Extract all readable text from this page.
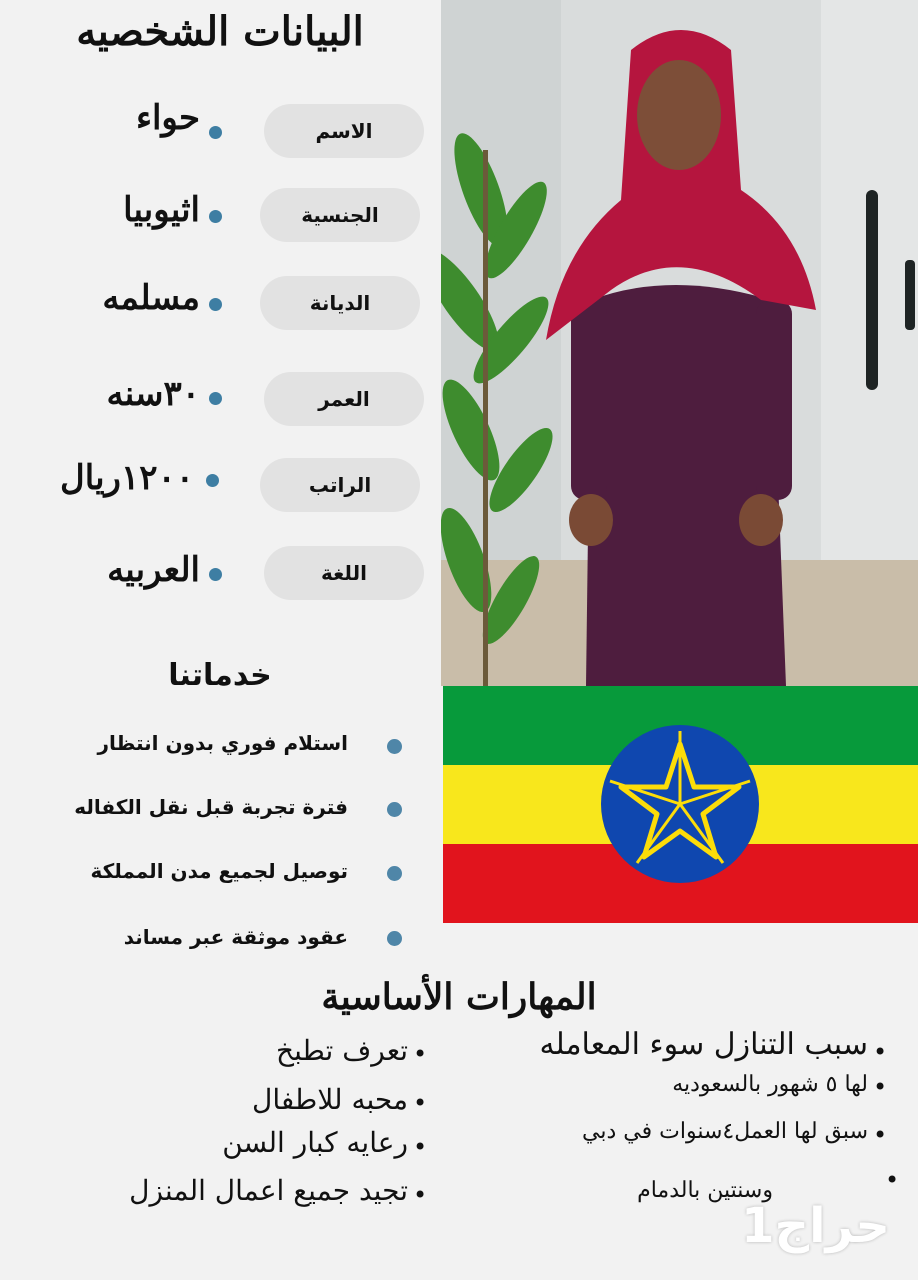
البيانات الشخصيه
الاسم
حواء
الجنسية
اثيوبيا
الديانة
مسلمه
العمر
٣٠سنه
الراتب
١٢٠٠ريال
اللغة
العربيه
خدماتنا
استلام فوري بدون انتظار
فترة تجربة قبل نقل الكفاله
توصيل لجميع مدن المملكة
عقود موثقة عبر مساند
المهارات الأساسية
تعرف تطبخ •
محبه للاطفال •
رعايه كبار السن •
تجيد جميع اعمال المنزل •
سبب التنازل سوء المعامله •
لها ٥ شهور بالسعوديه •
سبق لها العمل٤سنوات في دبي •
وسنتين بالدمام	•
حراج1
